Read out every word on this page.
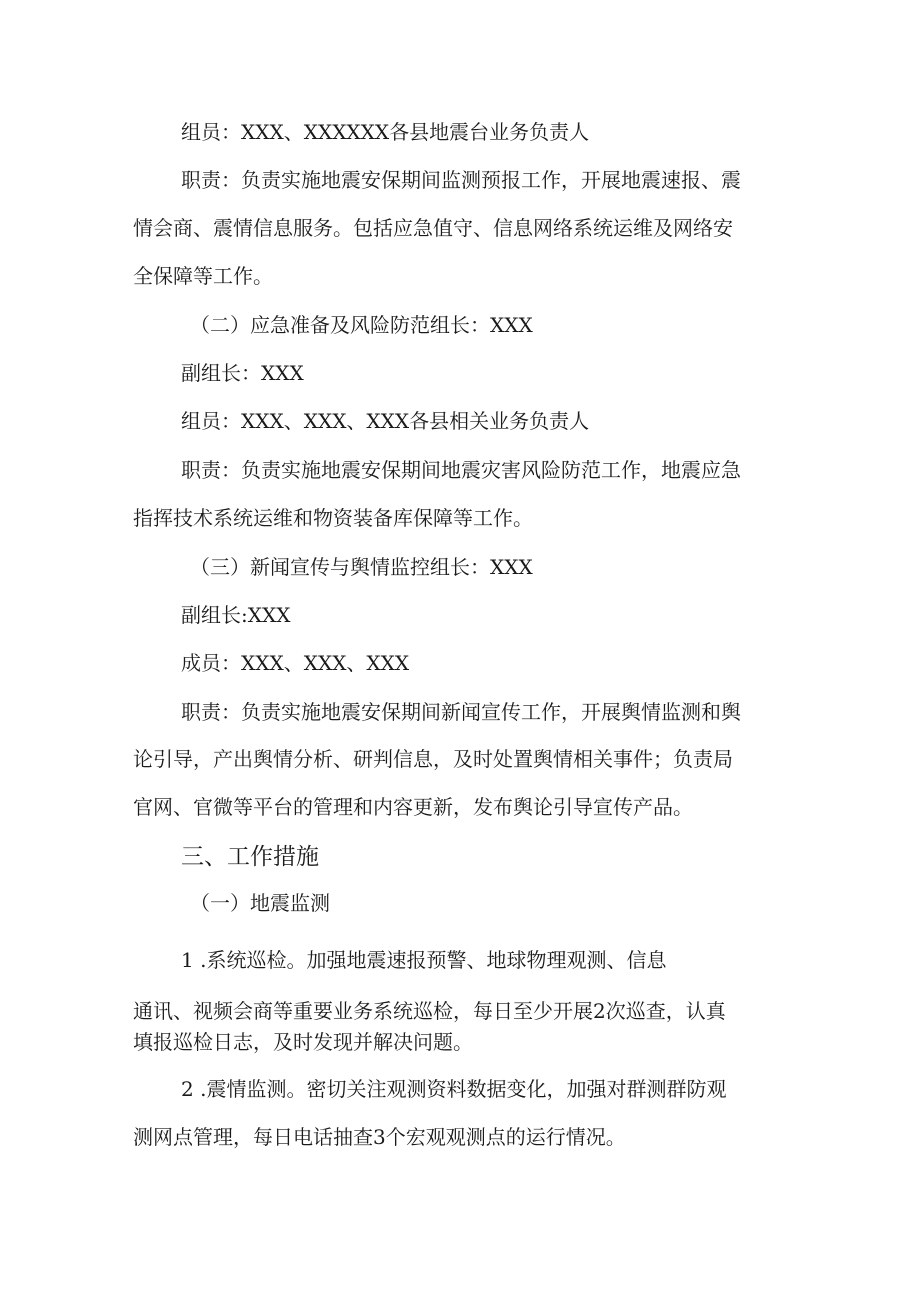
组员：XXX、XXXXXX各县地震台业务负责人

职责：负责实施地震安保期间监测预报工作，开展地震速报、震

情会商、震情信息服务。包括应急值守、信息网络系统运维及网络安

全保障等工作。

（二）应急准备及风险防范组长：XXX

副组长：XXX

组员：XXX、XXX、XXX各县相关业务负责人

职责：负责实施地震安保期间地震灾害风险防范工作，地震应急

指挥技术系统运维和物资装备库保障等工作。

（三）新闻宣传与舆情监控组长：XXX

副组长:XXX

成员：XXX、XXX、XXX

职责：负责实施地震安保期间新闻宣传工作，开展舆情监测和舆

论引导，产出舆情分析、研判信息，及时处置舆情相关事件；负责局

官网、官微等平台的管理和内容更新，发布舆论引导宣传产品。

三、工作措施

（一）地震监测

1 .系统巡检。加强地震速报预警、地球物理观测、信息

通讯、视频会商等重要业务系统巡检，每日至少开展2次巡查，认真

填报巡检日志，及时发现并解决问题。

2 .震情监测。密切关注观测资料数据变化，加强对群测群防观

测网点管理，每日电话抽查3个宏观观测点的运行情况。
